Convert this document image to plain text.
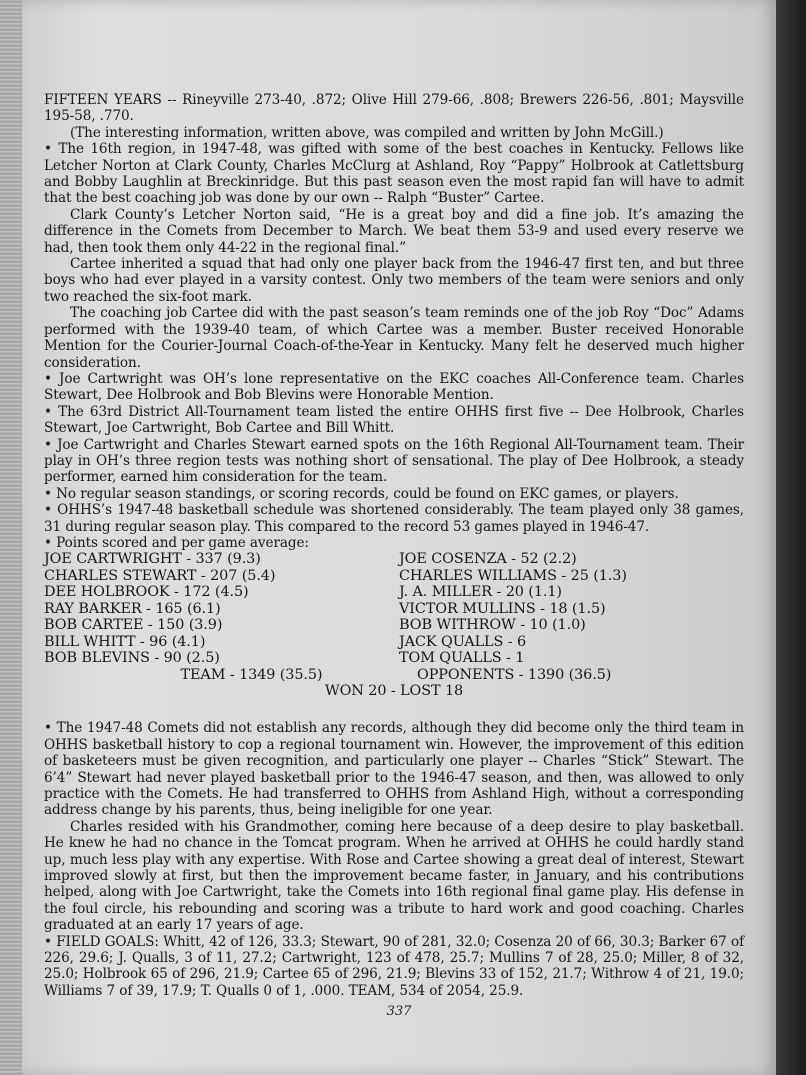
FIFTEEN YEARS -- Rineyville 273-40, .872; Olive Hill 279-66, .808; Brewers 226-56, .801; Maysville 195-58, .770.

(The interesting information, written above, was compiled and written by John McGill.)

• The 16th region, in 1947-48, was gifted with some of the best coaches in Kentucky. Fellows like Letcher Norton at Clark County, Charles McClurg at Ashland, Roy “Pappy” Holbrook at Catlettsburg and Bobby Laughlin at Breckinridge. But this past season even the most rapid fan will have to admit that the best coaching job was done by our own -- Ralph “Buster” Cartee.

Clark County’s Letcher Norton said, “He is a great boy and did a fine job. It’s amazing the difference in the Comets from December to March. We beat them 53-9 and used every reserve we had, then took them only 44-22 in the regional final.”

Cartee inherited a squad that had only one player back from the 1946-47 first ten, and but three boys who had ever played in a varsity contest. Only two members of the team were seniors and only two reached the six-foot mark.

The coaching job Cartee did with the past season’s team reminds one of the job Roy “Doc” Adams performed with the 1939-40 team, of which Cartee was a member. Buster received Honorable Mention for the Courier-Journal Coach-of-the-Year in Kentucky. Many felt he deserved much higher consideration.

• Joe Cartwright was OH’s lone representative on the EKC coaches All-Conference team. Charles Stewart, Dee Holbrook and Bob Blevins were Honorable Mention.

• The 63rd District All-Tournament team listed the entire OHHS first five -- Dee Holbrook, Charles Stewart, Joe Cartwright, Bob Cartee and Bill Whitt.

• Joe Cartwright and Charles Stewart earned spots on the 16th Regional All-Tournament team. Their play in OH’s three region tests was nothing short of sensational. The play of Dee Holbrook, a steady performer, earned him consideration for the team.

• No regular season standings, or scoring records, could be found on EKC games, or players.

• OHHS’s 1947-48 basketball schedule was shortened considerably. The team played only 38 games, 31 during regular season play. This compared to the record 53 games played in 1946-47.

• Points scored and per game average:

JOE CARTWRIGHT - 337 (9.3)
CHARLES STEWART - 207 (5.4)
DEE HOLBROOK - 172 (4.5)
RAY BARKER - 165 (6.1)
BOB CARTEE - 150 (3.9)
BILL WHITT - 96 (4.1)
BOB BLEVINS - 90 (2.5)
JOE COSENZA - 52 (2.2)
CHARLES WILLIAMS - 25 (1.3)
J. A. MILLER - 20 (1.1)
VICTOR MULLINS - 18 (1.5)
BOB WITHROW - 10 (1.0)
JACK QUALLS - 6
TOM QUALLS - 1
TEAM - 1349 (35.5)	OPPONENTS - 1390 (36.5)
WON 20 - LOST 18

• The 1947-48 Comets did not establish any records, although they did become only the third team in OHHS basketball history to cop a regional tournament win. However, the improvement of this edition of basketeers must be given recognition, and particularly one player -- Charles “Stick” Stewart. The 6’4” Stewart had never played basketball prior to the 1946-47 season, and then, was allowed to only practice with the Comets. He had transferred to OHHS from Ashland High, without a corresponding address change by his parents, thus, being ineligible for one year.

Charles resided with his Grandmother, coming here because of a deep desire to play basketball. He knew he had no chance in the Tomcat program. When he arrived at OHHS he could hardly stand up, much less play with any expertise. With Rose and Cartee showing a great deal of interest, Stewart improved slowly at first, but then the improvement became faster, in January, and his contributions helped, along with Joe Cartwright, take the Comets into 16th regional final game play. His defense in the foul circle, his rebounding and scoring was a tribute to hard work and good coaching. Charles graduated at an early 17 years of age.

• FIELD GOALS: Whitt, 42 of 126, 33.3; Stewart, 90 of 281, 32.0; Cosenza 20 of 66, 30.3; Barker 67 of 226, 29.6; J. Qualls, 3 of 11, 27.2; Cartwright, 123 of 478, 25.7; Mullins 7 of 28, 25.0; Miller, 8 of 32, 25.0; Holbrook 65 of 296, 21.9; Cartee 65 of 296, 21.9; Blevins 33 of 152, 21.7; Withrow 4 of 21, 19.0; Williams 7 of 39, 17.9; T. Qualls 0 of 1, .000. TEAM, 534 of 2054, 25.9.

337
